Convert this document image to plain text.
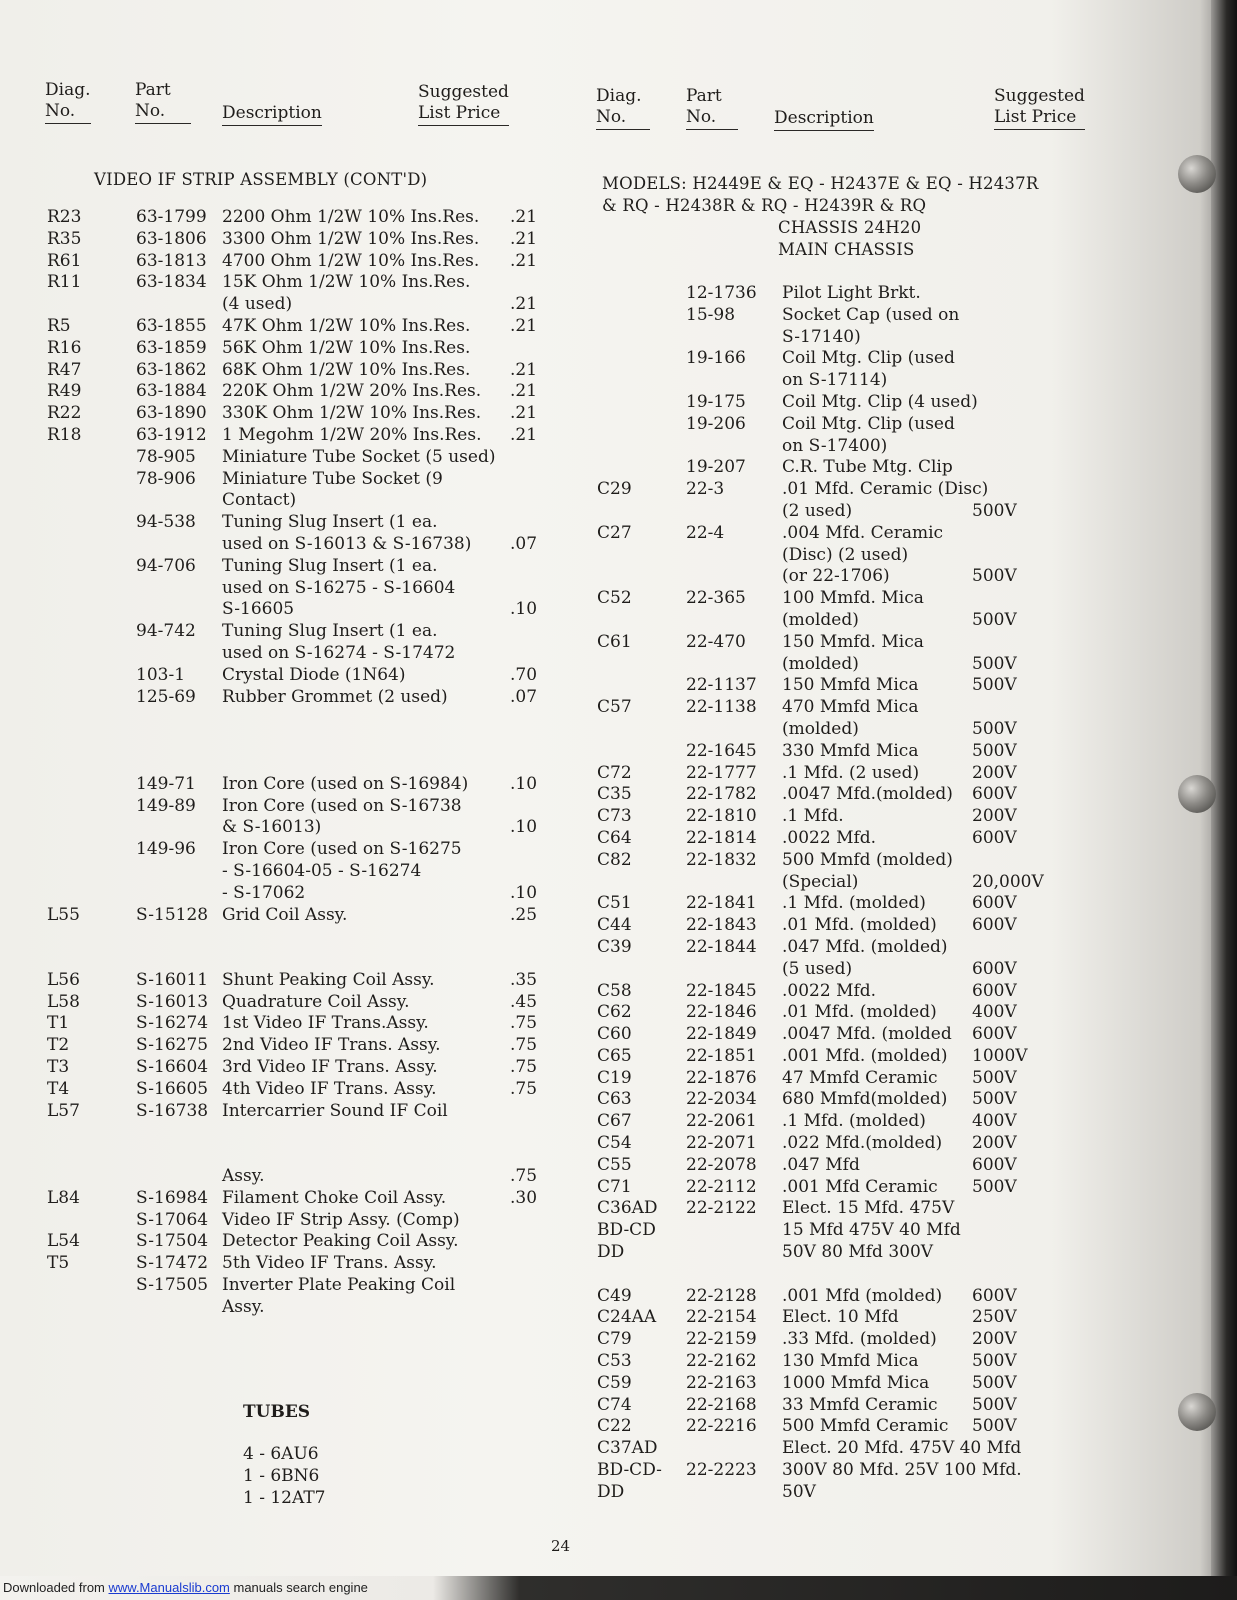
Diag.
No.
Part
No.	Description
Suggested
List Price
Diag.
No.
Part
No.	Description
Suggested
List Price
VIDEO IF STRIP ASSEMBLY (CONT'D)
R23	63-1799 2200 Ohm 1/2W 10% Ins.Res. .21
R35	63-1806 3300 Ohm 1/2W 10% Ins.Res. .21
R61	63-1813 4700 Ohm 1/2W 10% Ins.Res. .21
R11	63-1834 15K Ohm 1/2W 10% Ins.Res.
(4 used)	.21
R5	63-1855 47K Ohm 1/2W 10% Ins.Res. .21
R16	63-1859 56K Ohm 1/2W 10% Ins.Res.
R47	63-1862 68K Ohm 1/2W 10% Ins.Res. .21
R49	63-1884 220K Ohm 1/2W 20% Ins.Res. .21
R22	63-1890 330K Ohm 1/2W 10% Ins.Res. .21
R18	63-1912 1 Megohm 1/2W 20% Ins.Res. .21
78-905 Miniature Tube Socket (5 used)
78-906 Miniature Tube Socket (9
Contact)
94-538 Tuning Slug Insert (1 ea.
used on S-16013 & S-16738) .07
94-706 Tuning Slug Insert (1 ea.
used on S-16275 - S-16604
S-16605	.10
94-742 Tuning Slug Insert (1 ea.
used on S-16274 - S-17472
103-1 Crystal Diode (1N64)	.70
125-69 Rubber Grommet (2 used)	.07
149-71 Iron Core (used on S-16984) .10
149-89 Iron Core (used on S-16738
& S-16013)	.10
149-96 Iron Core (used on S-16275
- S-16604-05 - S-16274
- S-17062	.10
L55	S-15128 Grid Coil Assy.	.25
L56	S-16011 Shunt Peaking Coil Assy.	.35
L58	S-16013 Quadrature Coil Assy.	.45
T1	S-16274 1st Video IF Trans.Assy.	.75
T2	S-16275 2nd Video IF Trans. Assy.	.75
T3	S-16604 3rd Video IF Trans. Assy.	.75
T4	S-16605 4th Video IF Trans. Assy.	.75
L57	S-16738 Intercarrier Sound IF Coil
Assy.	.75
L84	S-16984 Filament Choke Coil Assy.	.30
S-17064 Video IF Strip Assy. (Comp)
L54	S-17504 Detector Peaking Coil Assy.
T5	S-17472 5th Video IF Trans. Assy.
S-17505 Inverter Plate Peaking Coil
Assy.
TUBES
4 - 6AU6
1 - 6BN6
1 - 12AT7
MODELS: H2449E & EQ - H2437E & EQ - H2437R
& RQ - H2438R & RQ - H2439R & RQ
CHASSIS 24H20
MAIN CHASSIS
12-1736 Pilot Light Brkt.
15-98	Socket Cap (used on
S-17140)
19-166 Coil Mtg. Clip (used
on S-17114)
19-175 Coil Mtg. Clip (4 used)
19-206 Coil Mtg. Clip (used
on S-17400)
19-207 C.R. Tube Mtg. Clip
C29	22-3	.01 Mfd. Ceramic (Disc)
(2 used)	500V
C27	22-4	.004 Mfd. Ceramic
(Disc) (2 used)
(or 22-1706)	500V
C52	22-365 100 Mmfd. Mica
(molded)	500V
C61	22-470 150 Mmfd. Mica
(molded)	500V
22-1137 150 Mmfd Mica	500V
C57	22-1138 470 Mmfd Mica
(molded)	500V
22-1645 330 Mmfd Mica	500V
C72	22-1777 .1 Mfd. (2 used)	200V
C35	22-1782 .0047 Mfd.(molded) 600V
C73	22-1810 .1 Mfd.	200V
C64	22-1814 .0022 Mfd.	600V
C82	22-1832 500 Mmfd (molded)
(Special)	20,000V
C51	22-1841 .1 Mfd. (molded)	600V
C44	22-1843 .01 Mfd. (molded) 600V
C39	22-1844 .047 Mfd. (molded)
(5 used)	600V
C58	22-1845 .0022 Mfd.	600V
C62	22-1846 .01 Mfd. (molded) 400V
C60	22-1849 .0047 Mfd. (molded 600V
C65	22-1851 .001 Mfd. (molded) 1000V
C19	22-1876 47 Mmfd Ceramic 500V
C63	22-2034 680 Mmfd(molded) 500V
C67	22-2061 .1 Mfd. (molded)	400V
C54	22-2071 .022 Mfd.(molded) 200V
C55	22-2078 .047 Mfd	600V
C71	22-2112 .001 Mfd Ceramic 500V
C36AD 22-2122 Elect. 15 Mfd. 475V
BD-CD	15 Mfd 475V 40 Mfd
DD	50V 80 Mfd 300V
C49	22-2128 .001 Mfd (molded) 600V
C24AA 22-2154 Elect. 10 Mfd	250V
C79	22-2159 .33 Mfd. (molded) 200V
C53	22-2162 130 Mmfd Mica	500V
C59	22-2163 1000 Mmfd Mica	500V
C74	22-2168 33 Mmfd Ceramic 500V
C22	22-2216 500 Mmfd Ceramic 500V
C37AD	Elect. 20 Mfd. 475V 40 Mfd
BD-CD- 22-2223 300V 80 Mfd. 25V 100 Mfd.
DD	50V
24
Downloaded from www.Manualslib.com manuals search engine
